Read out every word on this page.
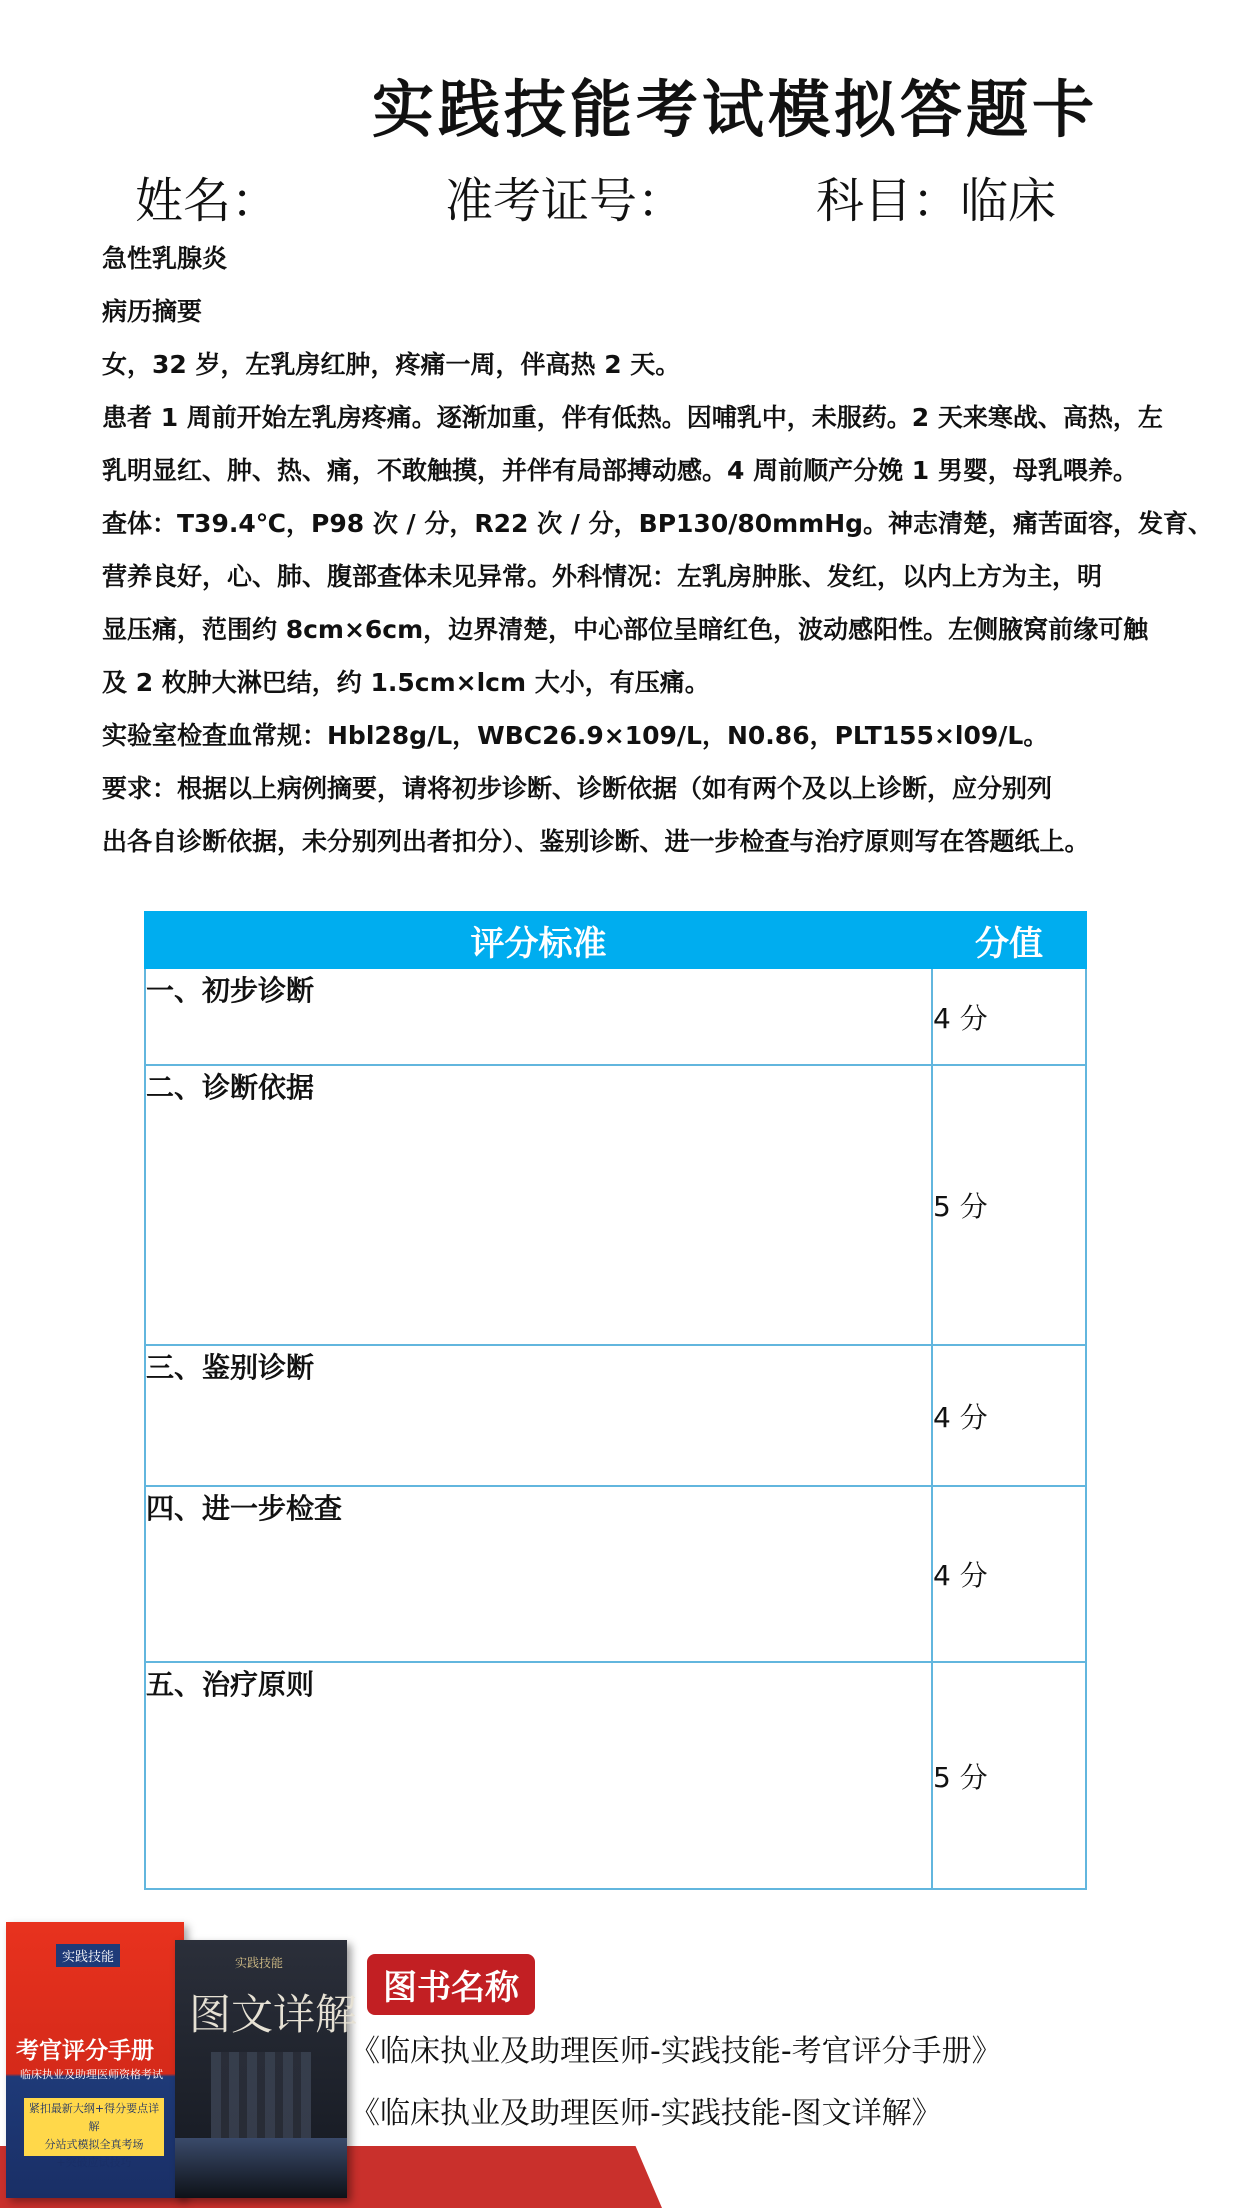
实践技能考试模拟答题卡
姓名：	准考证号：	科目：临床

急性乳腺炎

病历摘要

女，32 岁，左乳房红肿，疼痛一周，伴高热 2 天。

患者 1 周前开始左乳房疼痛。逐渐加重，伴有低热。因哺乳中，未服药。2 天来寒战、高热，左

乳明显红、肿、热、痛，不敢触摸，并伴有局部搏动感。4 周前顺产分娩 1 男婴，母乳喂养。

查体：T39.4℃，P98 次 / 分，R22 次 / 分，BP130/80mmHg。神志清楚，痛苦面容，发育、

营养良好，心、肺、腹部查体未见异常。外科情况：左乳房肿胀、发红，以内上方为主，明

显压痛，范围约 8cm×6cm，边界清楚，中心部位呈暗红色，波动感阳性。左侧腋窝前缘可触

及 2 枚肿大淋巴结，约 1.5cm×lcm 大小，有压痛。

实验室检查血常规：Hbl28g/L，WBC26.9×109/L，N0.86，PLT155×l09/L。

要求：根据以上病例摘要，请将初步诊断、诊断依据（如有两个及以上诊断，应分别列

出各自诊断依据，未分别列出者扣分）、鉴别诊断、进一步检查与治疗原则写在答题纸上。

评分标准	分值
一、初步诊断	4 分
二、诊断依据	5 分
三、鉴别诊断	4 分
四、进一步检查	4 分
五、治疗原则	5 分
实践技能
考官评分手册
临床执业及助理医师资格考试
紧扣最新大纲+得分要点详解
分站式模拟全真考场
+突破应试技巧
实践技能
图文详解
图书名称
《临床执业及助理医师-实践技能-考官评分手册》
《临床执业及助理医师-实践技能-图文详解》
